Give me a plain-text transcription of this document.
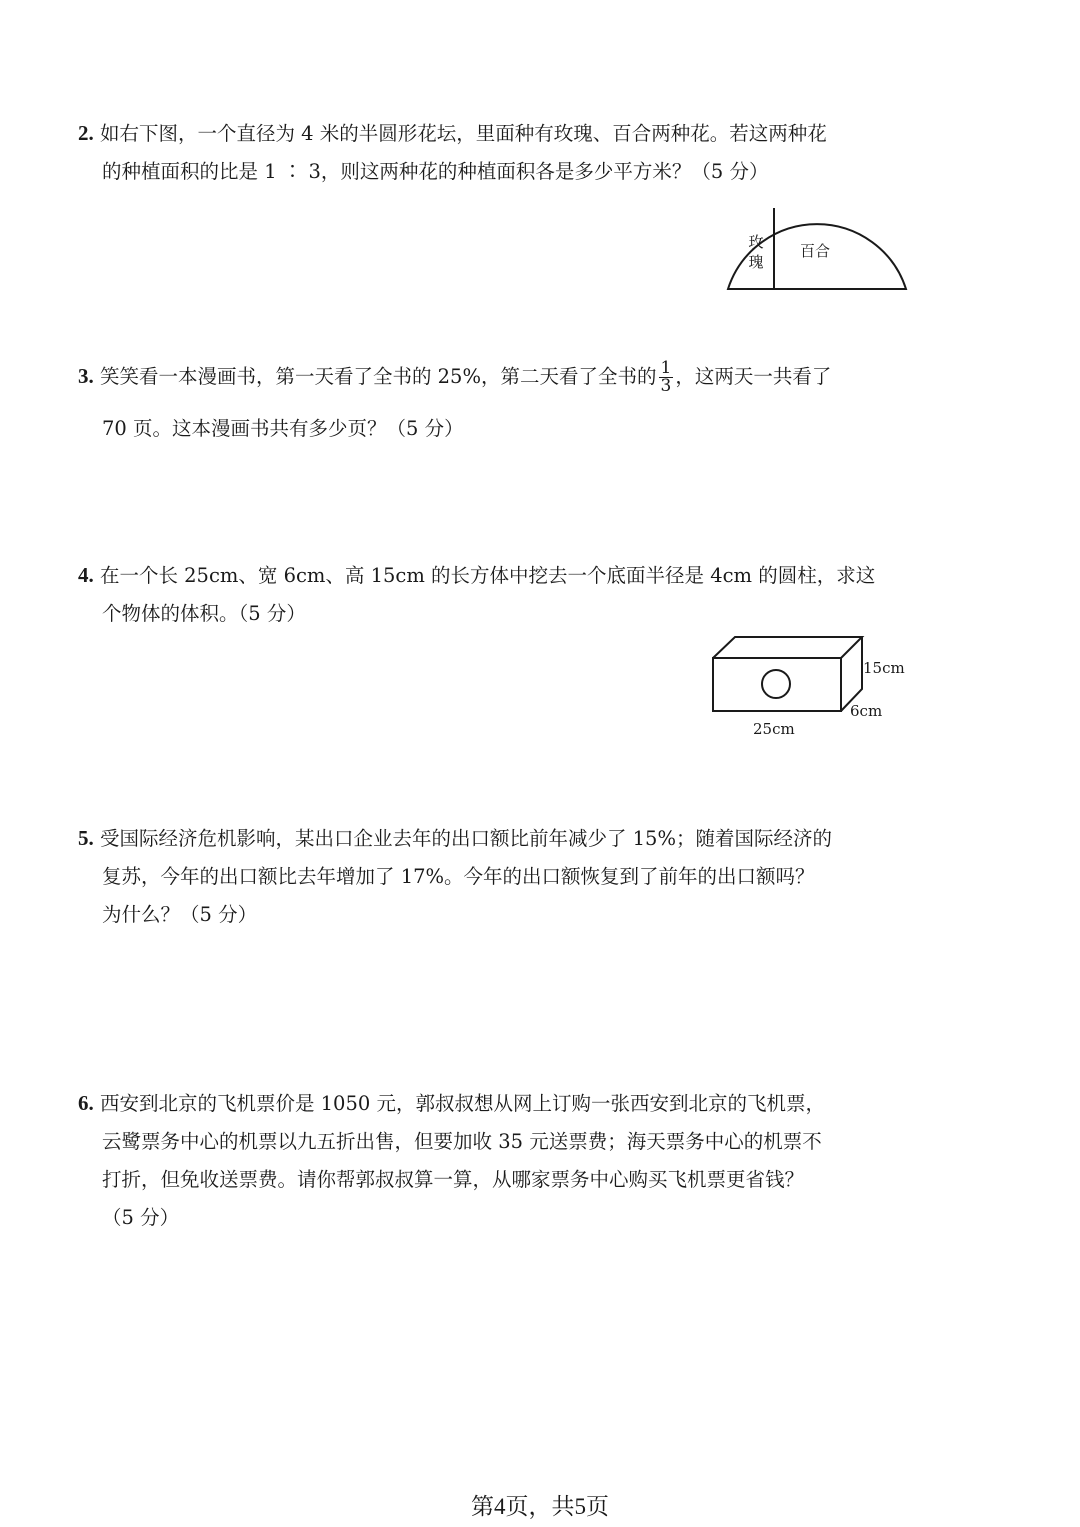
2. 如右下图，一个直径为 4 米的半圆形花坛，里面种有玫瑰、百合两种花。若这两种花
的种植面积的比是 1 ∶ 3，则这两种花的种植面积各是多少平方米？（5 分）
玫
瑰
百合
3. 笑笑看一本漫画书，第一天看了全书的 25%，第二天看了全书的 $\frac{1}{3}$ ，这两天一共看了
70 页。这本漫画书共有多少页？（5 分）
4. 在一个长 25cm、宽 6cm、高 15cm 的长方体中挖去一个底面半径是 4cm 的圆柱，求这
个物体的体积。（5 分）
15cm
6cm
25cm
5. 受国际经济危机影响，某出口企业去年的出口额比前年减少了 15%；随着国际经济的
复苏，今年的出口额比去年增加了 17%。今年的出口额恢复到了前年的出口额吗？
为什么？（5 分）
6. 西安到北京的飞机票价是 1050 元，郭叔叔想从网上订购一张西安到北京的飞机票，
云鹭票务中心的机票以九五折出售，但要加收 35 元送票费；海天票务中心的机票不
打折，但免收送票费。请你帮郭叔叔算一算，从哪家票务中心购买飞机票更省钱？
（5 分）
第4页，共5页
